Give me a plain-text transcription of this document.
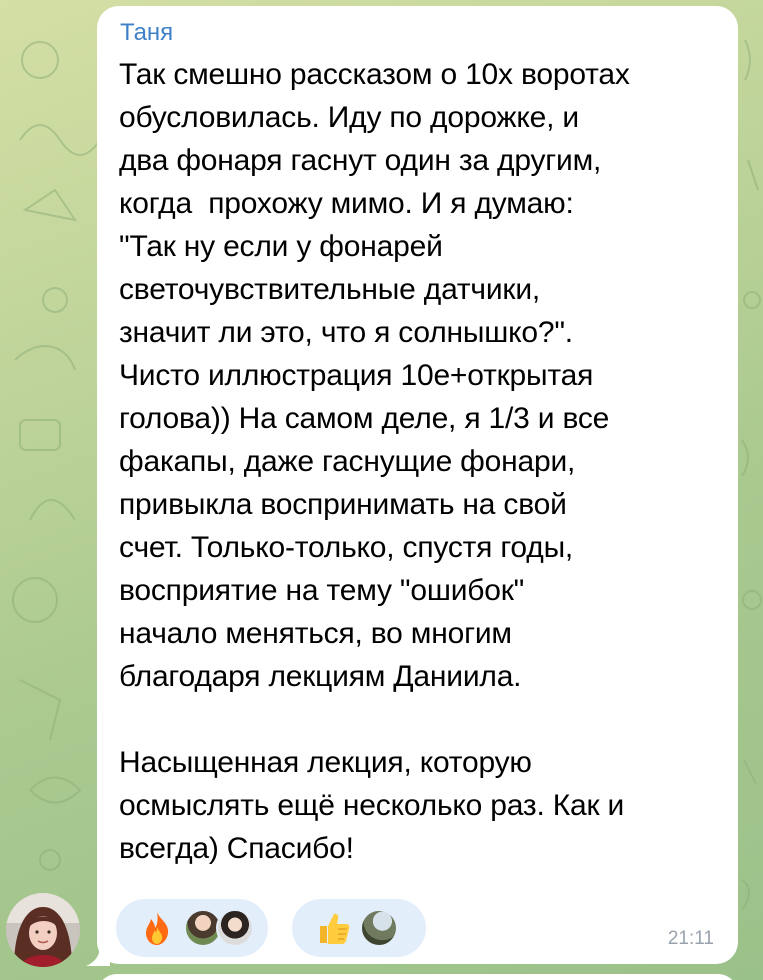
Таня
Так смешно рассказом о 10х воротах
обусловилась. Иду по дорожке, и
два фонаря гаснут один за другим,
когда  прохожу мимо. И я думаю:
"Так ну если у фонарей
светочувствительные датчики,
значит ли это, что я солнышко?".
Чисто иллюстрация 10е+открытая
голова)) На самом деле, я 1/3 и все
факапы, даже гаснущие фонари,
привыкла воспринимать на свой
счет. Только-только, спустя годы,
восприятие на тему "ошибок"
начало меняться, во многим
благодаря лекциям Даниила.

Насыщенная лекция, которую
осмыслять ещё несколько раз. Как и
всегда) Спасибо!
21:11
